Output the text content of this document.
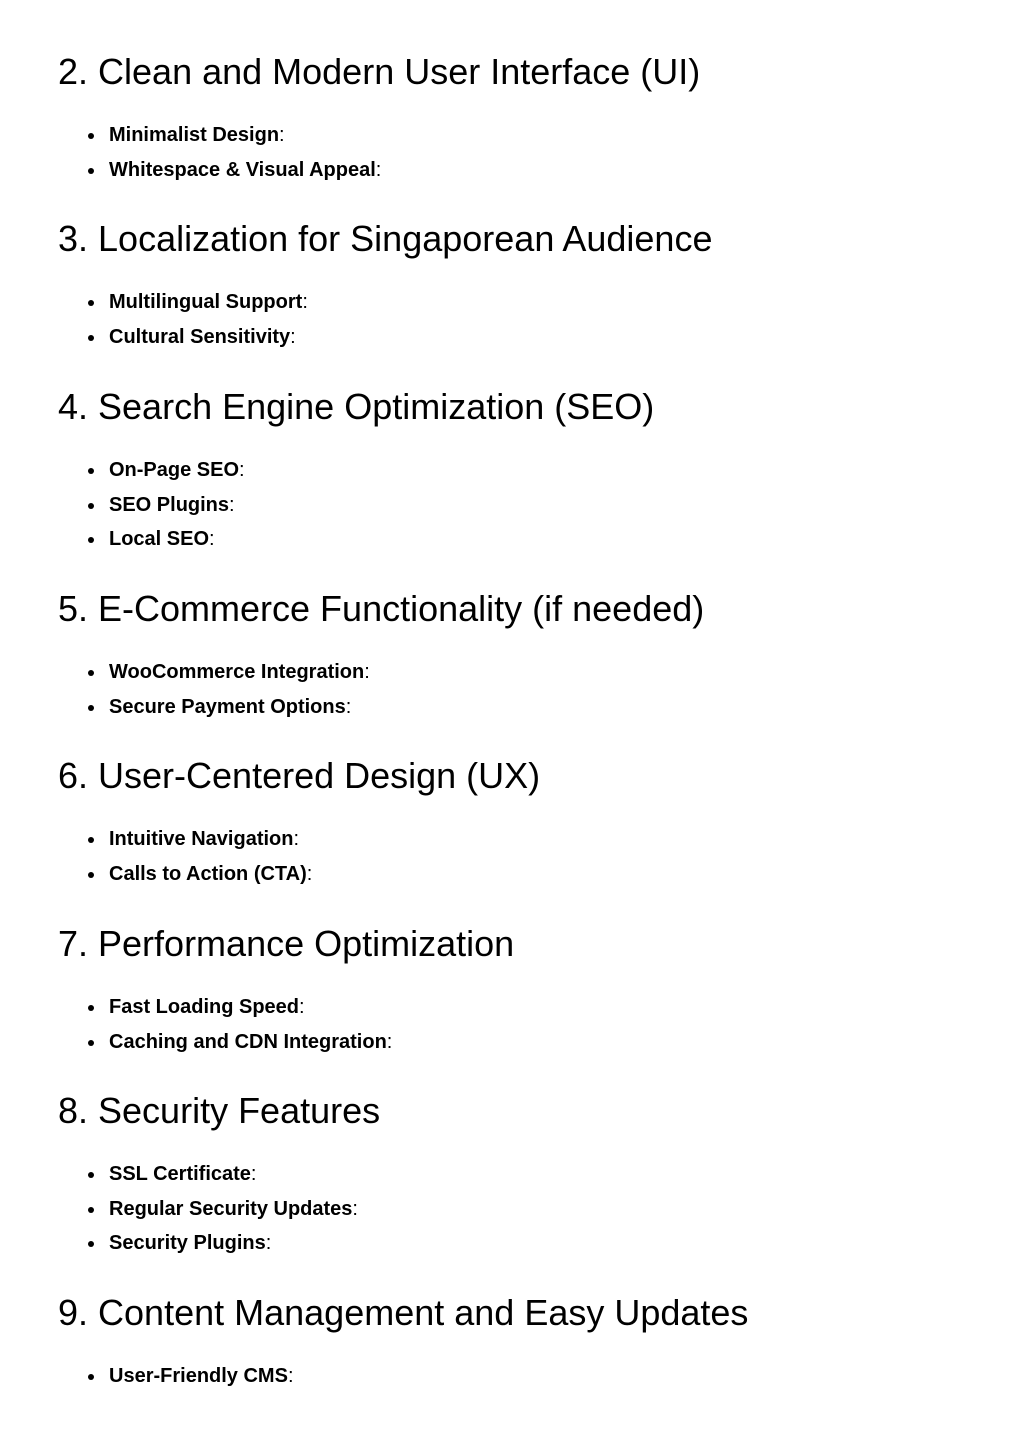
2. Clean and Modern User Interface (UI)
Minimalist Design:
Whitespace & Visual Appeal:
3. Localization for Singaporean Audience
Multilingual Support:
Cultural Sensitivity:
4. Search Engine Optimization (SEO)
On-Page SEO:
SEO Plugins:
Local SEO:
5. E-Commerce Functionality (if needed)
WooCommerce Integration:
Secure Payment Options:
6. User-Centered Design (UX)
Intuitive Navigation:
Calls to Action (CTA):
7. Performance Optimization
Fast Loading Speed:
Caching and CDN Integration:
8. Security Features
SSL Certificate:
Regular Security Updates:
Security Plugins:
9. Content Management and Easy Updates
User-Friendly CMS:
